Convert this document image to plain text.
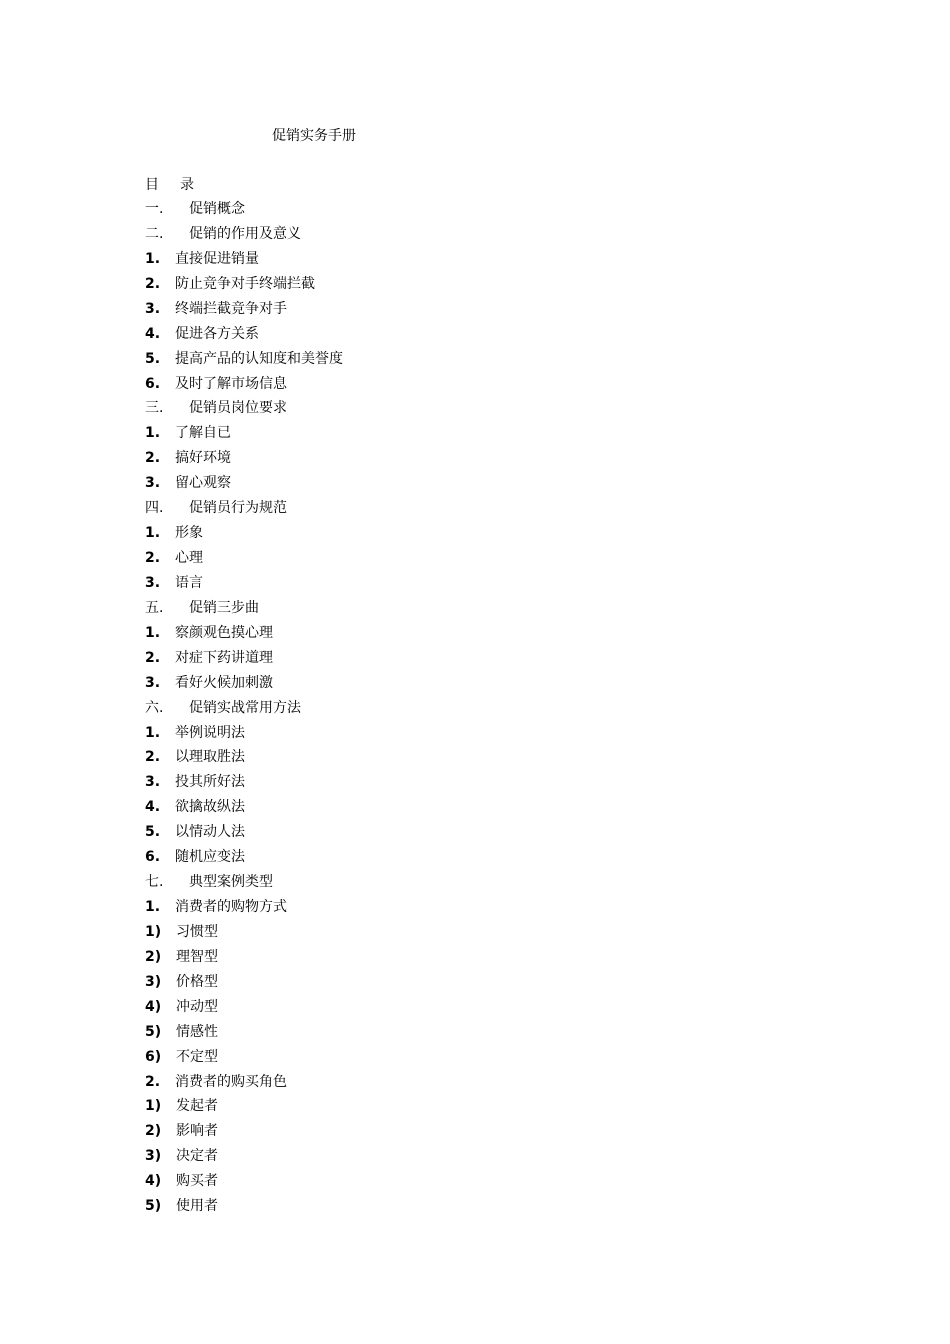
促销实务手册
目 录
一. 促销概念
二. 促销的作用及意义
1. 直接促进销量
2. 防止竞争对手终端拦截
3. 终端拦截竞争对手
4. 促进各方关系
5. 提高产品的认知度和美誉度
6. 及时了解市场信息
三. 促销员岗位要求
1. 了解自已
2. 搞好环境
3. 留心观察
四. 促销员行为规范
1. 形象
2. 心理
3. 语言
五. 促销三步曲
1. 察颜观色摸心理
2. 对症下药讲道理
3. 看好火候加刺激
六. 促销实战常用方法
1. 举例说明法
2. 以理取胜法
3. 投其所好法
4. 欲擒故纵法
5. 以情动人法
6. 随机应变法
七. 典型案例类型
1. 消费者的购物方式
1) 习惯型
2) 理智型
3) 价格型
4) 冲动型
5) 情感性
6) 不定型
2. 消费者的购买角色
1) 发起者
2) 影响者
3) 决定者
4) 购买者
5) 使用者
